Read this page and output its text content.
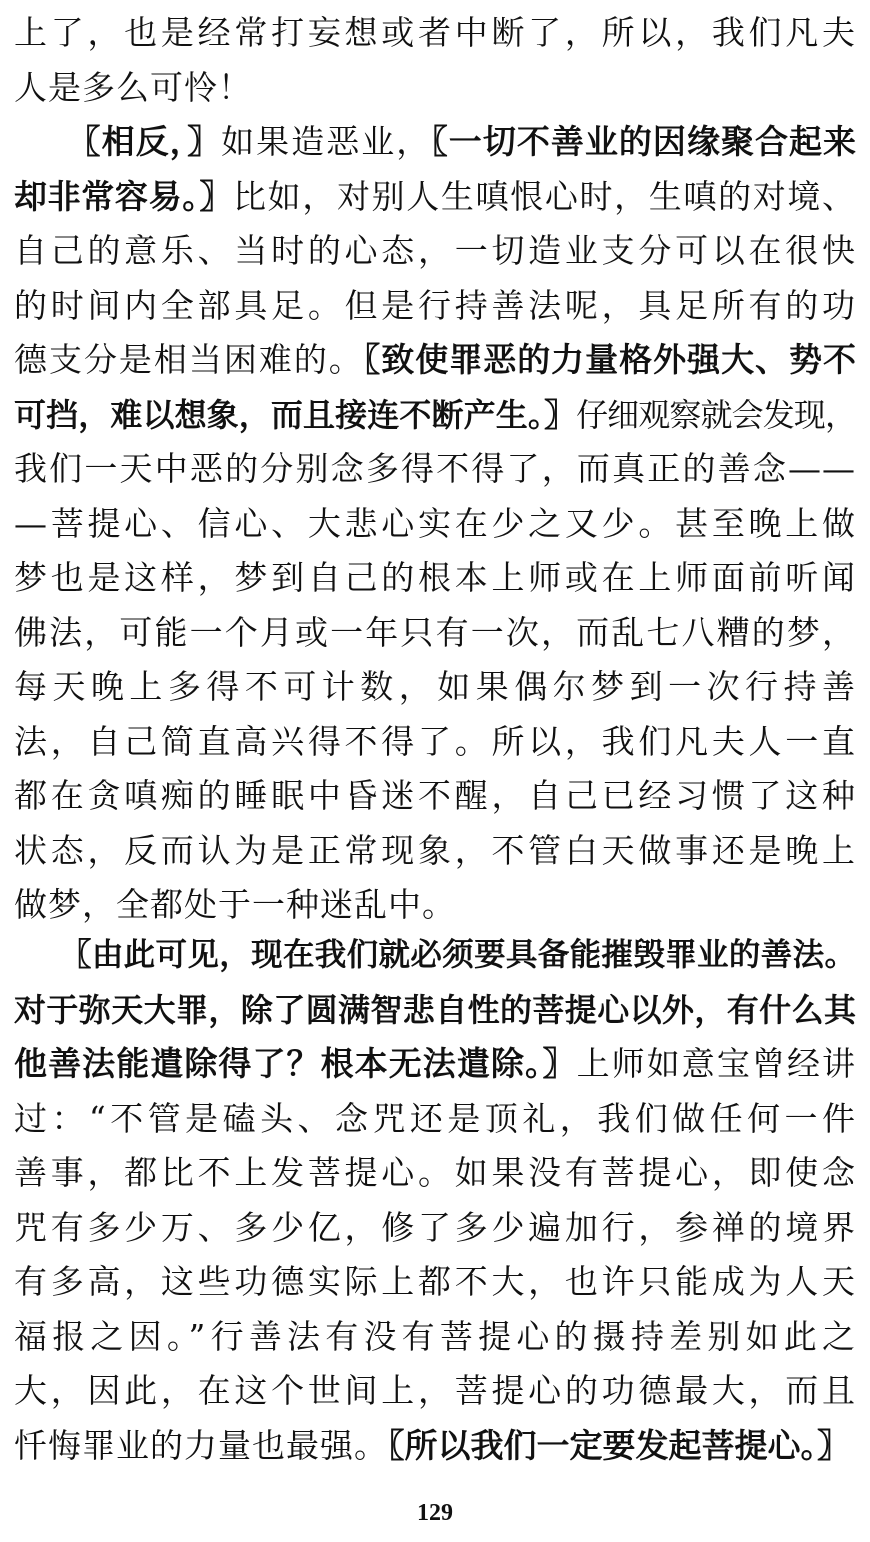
上了，也是经常打妄想或者中断了，所以，我们凡夫
人是多么可怜！
　　〖相反，〗如果造恶业，〖一切不善业的因缘聚合起来
却非常容易。〗比如，对别人生嗔恨心时，生嗔的对境、
自己的意乐、当时的心态，一切造业支分可以在很快
的时间内全部具足。但是行持善法呢，具足所有的功
德支分是相当困难的。〖致使罪恶的力量格外强大、势不
可挡，难以想象，而且接连不断产生。〗仔细观察就会发现，
我们一天中恶的分别念多得不得了，而真正的善念——
—菩提心、信心、大悲心实在少之又少。甚至晚上做
梦也是这样，梦到自己的根本上师或在上师面前听闻
佛法，可能一个月或一年只有一次，而乱七八糟的梦，
每天晚上多得不可计数，如果偶尔梦到一次行持善
法，自己简直高兴得不得了。所以，我们凡夫人一直
都在贪嗔痴的睡眠中昏迷不醒，自己已经习惯了这种
状态，反而认为是正常现象，不管白天做事还是晚上
做梦，全都处于一种迷乱中。
　　〖由此可见，现在我们就必须要具备能摧毁罪业的善法。
对于弥天大罪，除了圆满智悲自性的菩提心以外，有什么其
他善法能遣除得了？根本无法遣除。〗上师如意宝曾经讲
过：“不管是磕头、念咒还是顶礼，我们做任何一件
善事，都比不上发菩提心。如果没有菩提心，即使念
咒有多少万、多少亿，修了多少遍加行，参禅的境界
有多高，这些功德实际上都不大，也许只能成为人天
福报之因。”行善法有没有菩提心的摄持差别如此之
大，因此，在这个世间上，菩提心的功德最大，而且
忏悔罪业的力量也最强。〖所以我们一定要发起菩提心。〗
129
